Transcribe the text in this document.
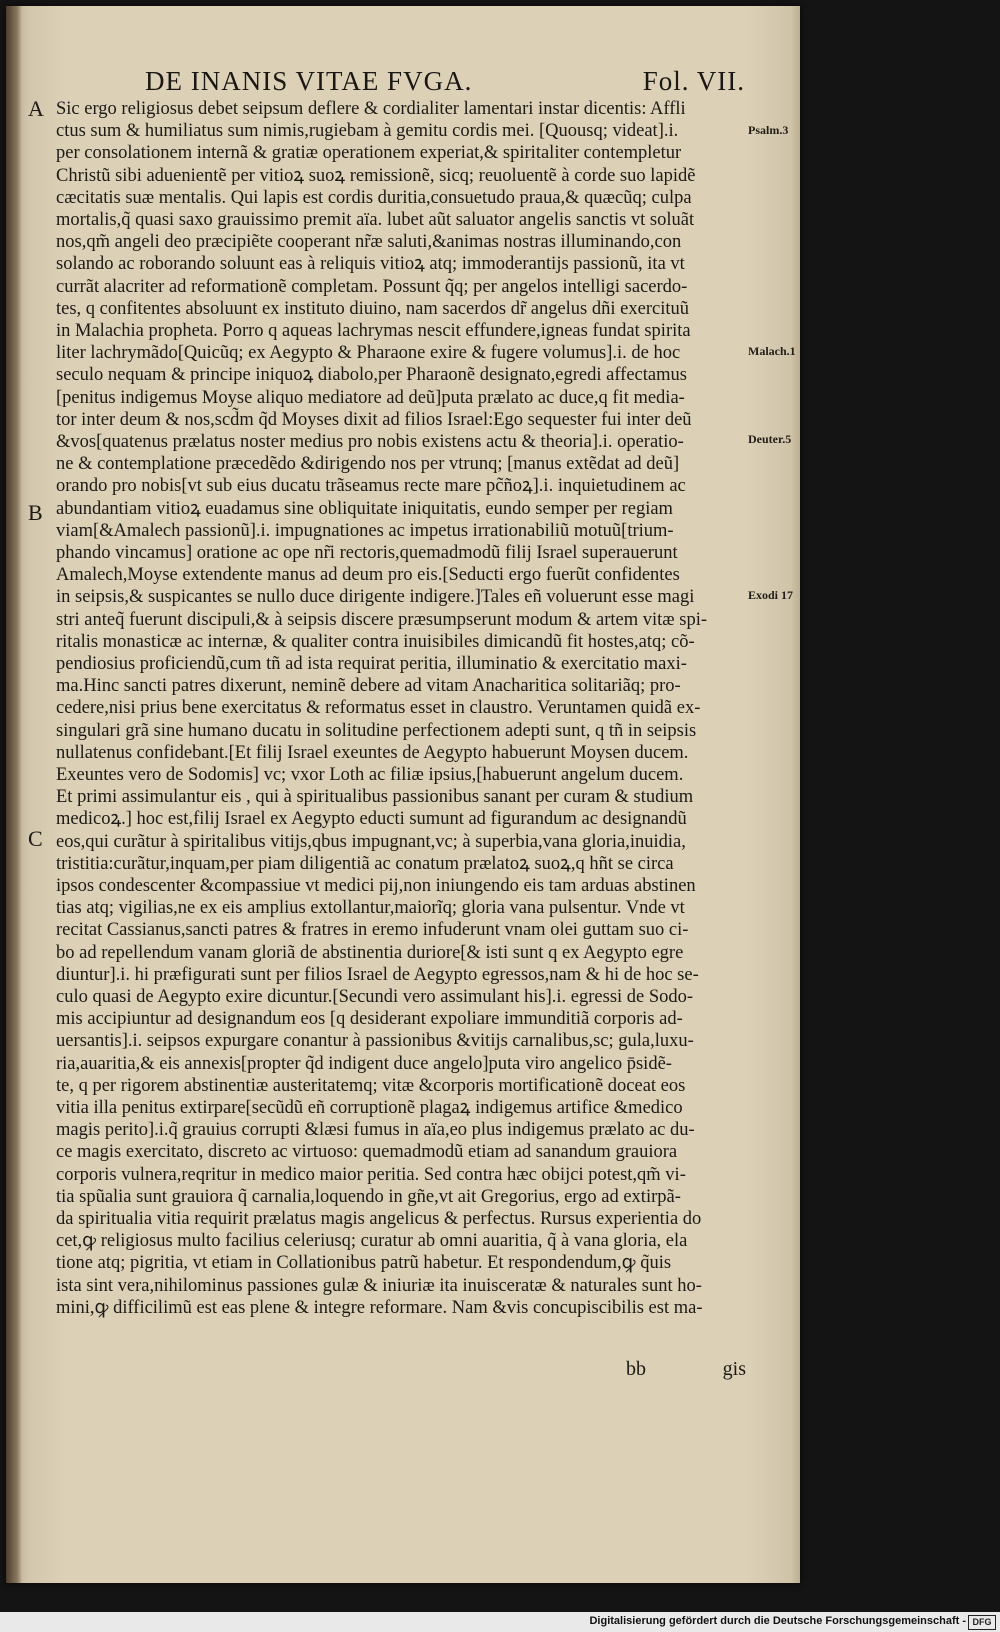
DE INANIS VITAE FVGA.	Fol. VII.
A
B
C
Psalm.3
Malach.1
Deuter.5
Exodi 17
Sic ergo religiosus debet seipsum deflere & cordialiter lamentari instar dicentis: Affli
ctus sum & humiliatus sum nimis,rugiebam à gemitu cordis mei. [Quousq; videat].i.
per consolationem internã & gratiæ operationem experiat,& spiritaliter contempletur
Christũ sibi aduenientẽ per vitioꝝ suoꝝ remissionẽ, sicq; reuoluentẽ à corde suo lapidẽ
cæcitatis suæ mentalis. Qui lapis est cordis duritia,consuetudo praua,& quæcũq; culpa
mortalis,q̃ quasi saxo grauissimo premit aïa. lubet aũt saluator angelis sanctis vt soluãt
nos,qm̃ angeli deo præcipiẽte cooperant nr̃æ saluti,&animas nostras illuminando,con
solando ac roborando soluunt eas à reliquis vitioꝝ atq; immoderantijs passionũ, ita vt
currãt alacriter ad reformationẽ completam. Possunt q̃q; per angelos intelligi sacerdo-
tes, q confitentes absoluunt ex instituto diuino, nam sacerdos dr̃ angelus dñi exercituũ
in Malachia propheta. Porro q aqueas lachrymas nescit effundere,igneas fundat spirita
liter lachrymãdo[Quicũq; ex Aegypto & Pharaone exire & fugere volumus].i. de hoc
seculo nequam & principe iniquoꝝ diabolo,per Pharaonẽ designato,egredi affectamus
[penitus indigemus Moyse aliquo mediatore ad deũ]puta prælato ac duce,q fit media-
tor inter deum & nos,scd̃m q̃d Moyses dixit ad filios Israel:Ego sequester fui inter deũ
&vos[quatenus prælatus noster medius pro nobis existens actu & theoria].i. operatio-
ne & contemplatione præcedẽdo &dirigendo nos per vtrunq; [manus extẽdat ad deũ]
orando pro nobis[vt sub eius ducatu trãseamus recte mare pc̃ñoꝝ].i. inquietudinem ac
abundantiam vitioꝝ euadamus sine obliquitate iniquitatis, eundo semper per regiam
viam[&Amalech passionũ].i. impugnationes ac impetus irrationabiliũ motuũ[trium-
phando vincamus] oratione ac ope nr̃i rectoris,quemadmodũ filij Israel superauerunt
Amalech,Moyse extendente manus ad deum pro eis.[Seducti ergo fuerũt confidentes
in seipsis,& suspicantes se nullo duce dirigente indigere.]Tales eñ voluerunt esse magi
stri anteq̃ fuerunt discipuli,& à seipsis discere præsumpserunt modum & artem vitæ spi-
ritalis monasticæ ac internæ, & qualiter contra inuisibiles dimicandũ fit hostes,atq; cõ-
pendiosius proficiendũ,cum tñ ad ista requirat peritia, illuminatio & exercitatio maxi-
ma.Hinc sancti patres dixerunt, neminẽ debere ad vitam Anacharitica solitariãq; pro-
cedere,nisi prius bene exercitatus & reformatus esset in claustro. Veruntamen quidã ex-
singulari grã sine humano ducatu in solitudine perfectionem adepti sunt, q tñ in seipsis
nullatenus confidebant.[Et filij Israel exeuntes de Aegypto habuerunt Moysen ducem.
Exeuntes vero de Sodomis] vc; vxor Loth ac filiæ ipsius,[habuerunt angelum ducem.
Et primi assimulantur eis , qui à spiritualibus passionibus sanant per curam & studium
medicoꝝ.] hoc est,filij Israel ex Aegypto educti sumunt ad figurandum ac designandũ
eos,qui curãtur à spiritalibus vitijs,qbus impugnant,vc; à superbia,vana gloria,inuidia,
tristitia:curãtur,inquam,per piam diligentiã ac conatum prælatoꝝ suoꝝ,q hñt se circa
ipsos condescenter &compassiue vt medici pij,non iniungendo eis tam arduas abstinen
tias atq; vigilias,ne ex eis amplius extollantur,maiorĩq; gloria vana pulsentur. Vnde vt
recitat Cassianus,sancti patres & fratres in eremo infuderunt vnam olei guttam suo ci-
bo ad repellendum vanam gloriã de abstinentia duriore[& isti sunt q ex Aegypto egre
diuntur].i. hi præfigurati sunt per filios Israel de Aegypto egressos,nam & hi de hoc se-
culo quasi de Aegypto exire dicuntur.[Secundi vero assimulant his].i. egressi de Sodo-
mis accipiuntur ad designandum eos [q desiderant expoliare immunditiã corporis ad-
uersantis].i. seipsos expurgare conantur à passionibus &vitijs carnalibus,sc; gula,luxu-
ria,auaritia,& eis annexis[propter q̃d indigent duce angelo]puta viro angelico p̄sidẽ-
te, q per rigorem abstinentiæ austeritatemq; vitæ &corporis mortificationẽ doceat eos
vitia illa penitus extirpare[secũdũ eñ corruptionẽ plagaꝝ indigemus artifice &medico
magis perito].i.q̃ grauius corrupti &læsi fumus in aïa,eo plus indigemus prælato ac du-
ce magis exercitato, discreto ac virtuoso: quemadmodũ etiam ad sanandum grauiora
corporis vulnera,reqritur in medico maior peritia. Sed contra hæc obijci potest,qm̃ vi-
tia spũalia sunt grauiora q̃ carnalia,loquendo in gñe,vt ait Gregorius, ergo ad extirpã-
da spiritualia vitia requirit prælatus magis angelicus & perfectus. Rursus experientia do
cet,ꝙ religiosus multo facilius celeriusq; curatur ab omni auaritia, q̃ à vana gloria, ela
tione atq; pigritia, vt etiam in Collationibus patrũ habetur. Et respondendum,ꝙ q̃uis
ista sint vera,nihilominus passiones gulæ & iniuriæ ita inuisceratæ & naturales sunt ho-
mini,ꝙ difficilimũ est eas plene & integre reformare. Nam &vis concupiscibilis est ma-
bb	gis
Digitalisierung gefördert durch die Deutsche Forschungsgemeinschaft - DFG
